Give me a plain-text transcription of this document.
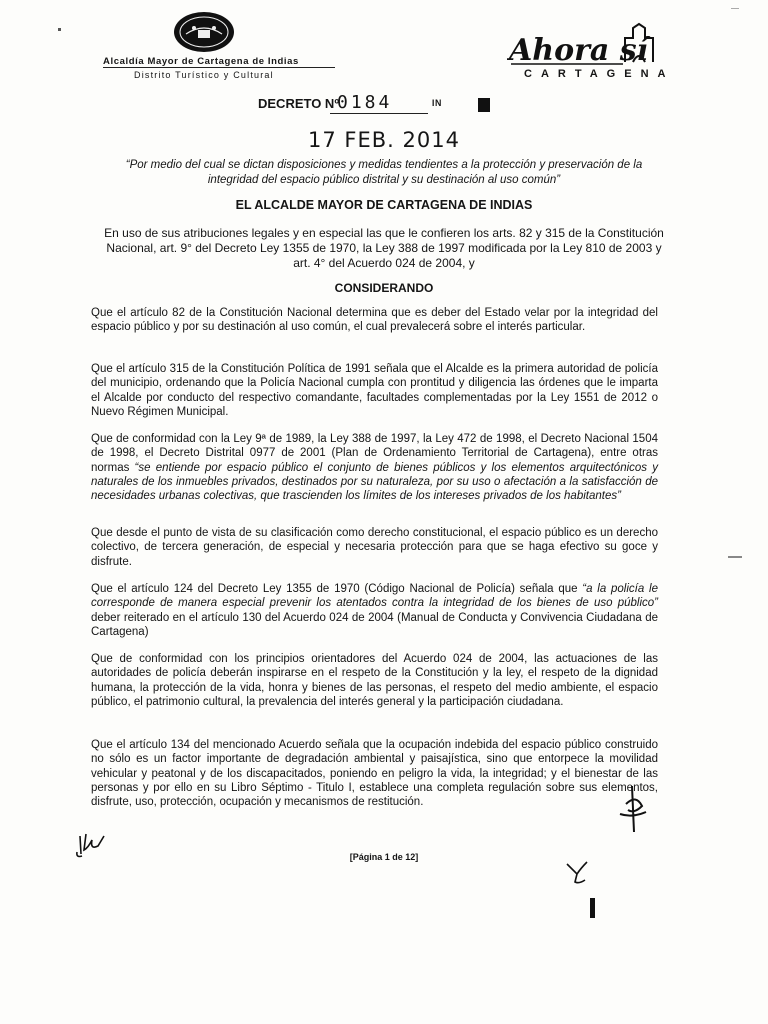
Alcaldía Mayor de Cartagena de Indias
Distrito Turístico y Cultural
Ahora sí
CARTAGENA
DECRETO Nº
0184	ᴵᴺ
17 FEB. 2014
“Por medio del cual se dictan disposiciones y medidas tendientes a la protección y preservación de la integridad del espacio público distrital y su destinación al uso común”
EL ALCALDE MAYOR DE CARTAGENA DE INDIAS
En uso de sus atribuciones legales y en especial las que le confieren los arts. 82 y 315 de la Constitución Nacional, art. 9° del Decreto Ley 1355 de 1970, la Ley 388 de 1997 modificada por la Ley 810 de 2003 y art. 4° del Acuerdo 024 de 2004, y
CONSIDERANDO
Que el artículo 82 de la Constitución Nacional determina que es deber del Estado velar por la integridad del espacio público y por su destinación al uso común, el cual prevalecerá sobre el interés particular.
Que el artículo 315 de la Constitución Política de 1991 señala que el Alcalde es la primera autoridad de policía del municipio, ordenando que la Policía Nacional cumpla con prontitud y diligencia las órdenes que le imparta el Alcalde por conducto del respectivo comandante, facultades complementadas por la Ley 1551 de 2012 o Nuevo Régimen Municipal.
Que de conformidad con la Ley 9ª de 1989, la Ley 388 de 1997, la Ley 472 de 1998, el Decreto Nacional 1504 de 1998, el Decreto Distrital 0977 de 2001 (Plan de Ordenamiento Territorial de Cartagena), entre otras normas “se entiende por espacio público el conjunto de bienes públicos y los elementos arquitectónicos y naturales de los inmuebles privados, destinados por su naturaleza, por su uso o afectación a la satisfacción de necesidades urbanas colectivas, que trascienden los límites de los intereses privados de los habitantes”
Que desde el punto de vista de su clasificación como derecho constitucional, el espacio público es un derecho colectivo, de tercera generación, de especial y necesaria protección para que se haga efectivo su goce y disfrute.
Que el artículo 124 del Decreto Ley 1355 de 1970 (Código Nacional de Policía) señala que “a la policía le corresponde de manera especial prevenir los atentados contra la integridad de los bienes de uso público” deber reiterado en el artículo 130 del Acuerdo 024 de 2004 (Manual de Conducta y Convivencia Ciudadana de Cartagena)
Que de conformidad con los principios orientadores del Acuerdo 024 de 2004, las actuaciones de las autoridades de policía deberán inspirarse en el respeto de la Constitución y la ley, el respeto de la dignidad humana, la protección de la vida, honra y bienes de las personas, el respeto del medio ambiente, el espacio público, el patrimonio cultural, la prevalencia del interés general y la participación ciudadana.
Que el artículo 134 del mencionado Acuerdo señala que la ocupación indebida del espacio público construido no sólo es un factor importante de degradación ambiental y paisajística, sino que entorpece la movilidad vehicular y peatonal y de los discapacitados, poniendo en peligro la vida, la integridad; y el bienestar de las personas y por ello en su Libro Séptimo - Titulo I, establece una completa regulación sobre sus elementos, disfrute, uso, protección, ocupación y mecanismos de restitución.
[Página 1 de 12]
